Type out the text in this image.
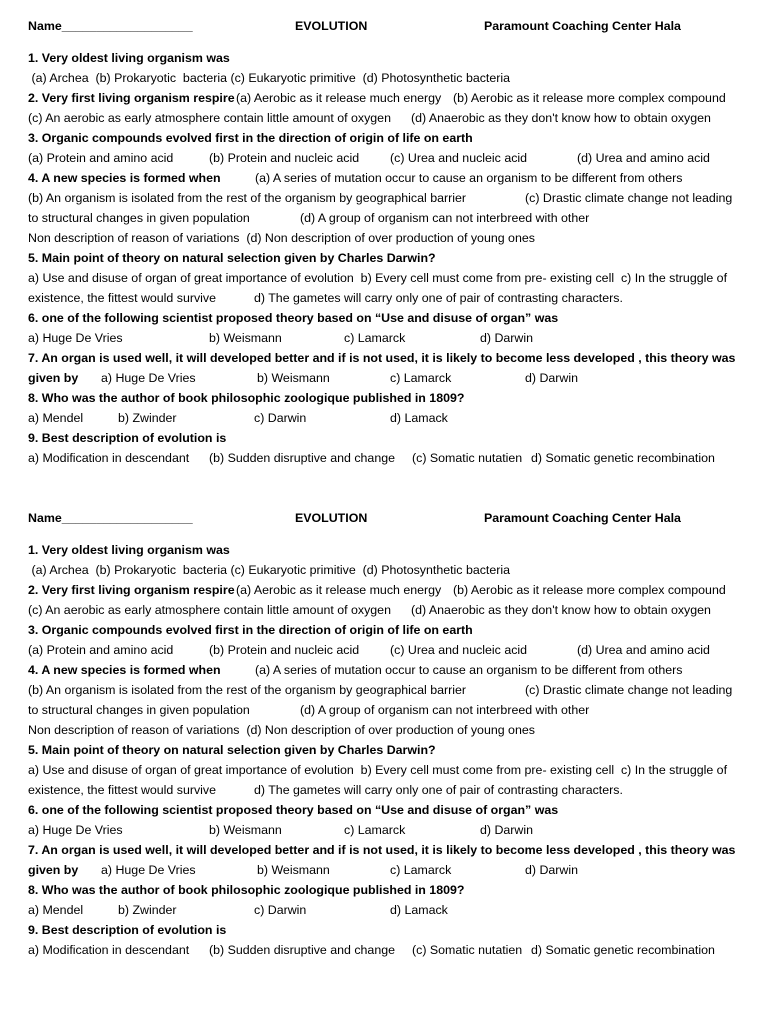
Name___________________	EVOLUTION	Paramount Coaching Center Hala
1. Very oldest living organism was
(a) Archea  (b) Prokaryotic  bacteria (c) Eukaryotic primitive  (d) Photosynthetic bacteria
2. Very first living organism respire (a) Aerobic as it release much energy (b) Aerobic as it release more complex compound
(c) An aerobic as early atmosphere contain little amount of oxygen (d) Anaerobic as they don't know how to obtain oxygen
3. Organic compounds evolved first in the direction of origin of life on earth
(a) Protein and amino acid	(b) Protein and nucleic acid (c) Urea and nucleic acid	(d) Urea and amino acid
4. A new species is formed when	(a) A series of mutation occur to cause an organism to be different from others
(b) An organism is isolated from the rest of the organism by geographical barrier	(c) Drastic climate change not leading
to structural changes in given population	(d) A group of organism can not interbreed with other
Non description of reason of variations  (d) Non description of over production of young ones
5. Main point of theory on natural selection given by Charles Darwin?
a) Use and disuse of organ of great importance of evolution  b) Every cell must come from pre- existing cell  c) In the struggle of
existence, the fittest would survive	d) The gametes will carry only one of pair of contrasting characters.
6. one of the following scientist proposed theory based on “Use and disuse of organ” was
a) Huge De Vries	b) Weismann	c) Lamarck	d) Darwin
7. An organ is used well, it will developed better and if is not used, it is likely to become less developed , this theory was
given by a) Huge De Vries	b) Weismann	c) Lamarck	d) Darwin
8. Who was the author of book philosophic zoologique published in 1809?
a) Mendel	b) Zwinder	c) Darwin	d) Lamack
9. Best description of evolution is
a) Modification in descendant (b) Sudden disruptive and change (c) Somatic nutatien d) Somatic genetic recombination
Name___________________	EVOLUTION	Paramount Coaching Center Hala
1. Very oldest living organism was
(a) Archea  (b) Prokaryotic  bacteria (c) Eukaryotic primitive  (d) Photosynthetic bacteria
2. Very first living organism respire (a) Aerobic as it release much energy (b) Aerobic as it release more complex compound
(c) An aerobic as early atmosphere contain little amount of oxygen (d) Anaerobic as they don't know how to obtain oxygen
3. Organic compounds evolved first in the direction of origin of life on earth
(a) Protein and amino acid	(b) Protein and nucleic acid (c) Urea and nucleic acid	(d) Urea and amino acid
4. A new species is formed when	(a) A series of mutation occur to cause an organism to be different from others
(b) An organism is isolated from the rest of the organism by geographical barrier	(c) Drastic climate change not leading
to structural changes in given population	(d) A group of organism can not interbreed with other
Non description of reason of variations  (d) Non description of over production of young ones
5. Main point of theory on natural selection given by Charles Darwin?
a) Use and disuse of organ of great importance of evolution  b) Every cell must come from pre- existing cell  c) In the struggle of
existence, the fittest would survive	d) The gametes will carry only one of pair of contrasting characters.
6. one of the following scientist proposed theory based on “Use and disuse of organ” was
a) Huge De Vries	b) Weismann	c) Lamarck	d) Darwin
7. An organ is used well, it will developed better and if is not used, it is likely to become less developed , this theory was
given by a) Huge De Vries	b) Weismann	c) Lamarck	d) Darwin
8. Who was the author of book philosophic zoologique published in 1809?
a) Mendel	b) Zwinder	c) Darwin	d) Lamack
9. Best description of evolution is
a) Modification in descendant (b) Sudden disruptive and change (c) Somatic nutatien d) Somatic genetic recombination
